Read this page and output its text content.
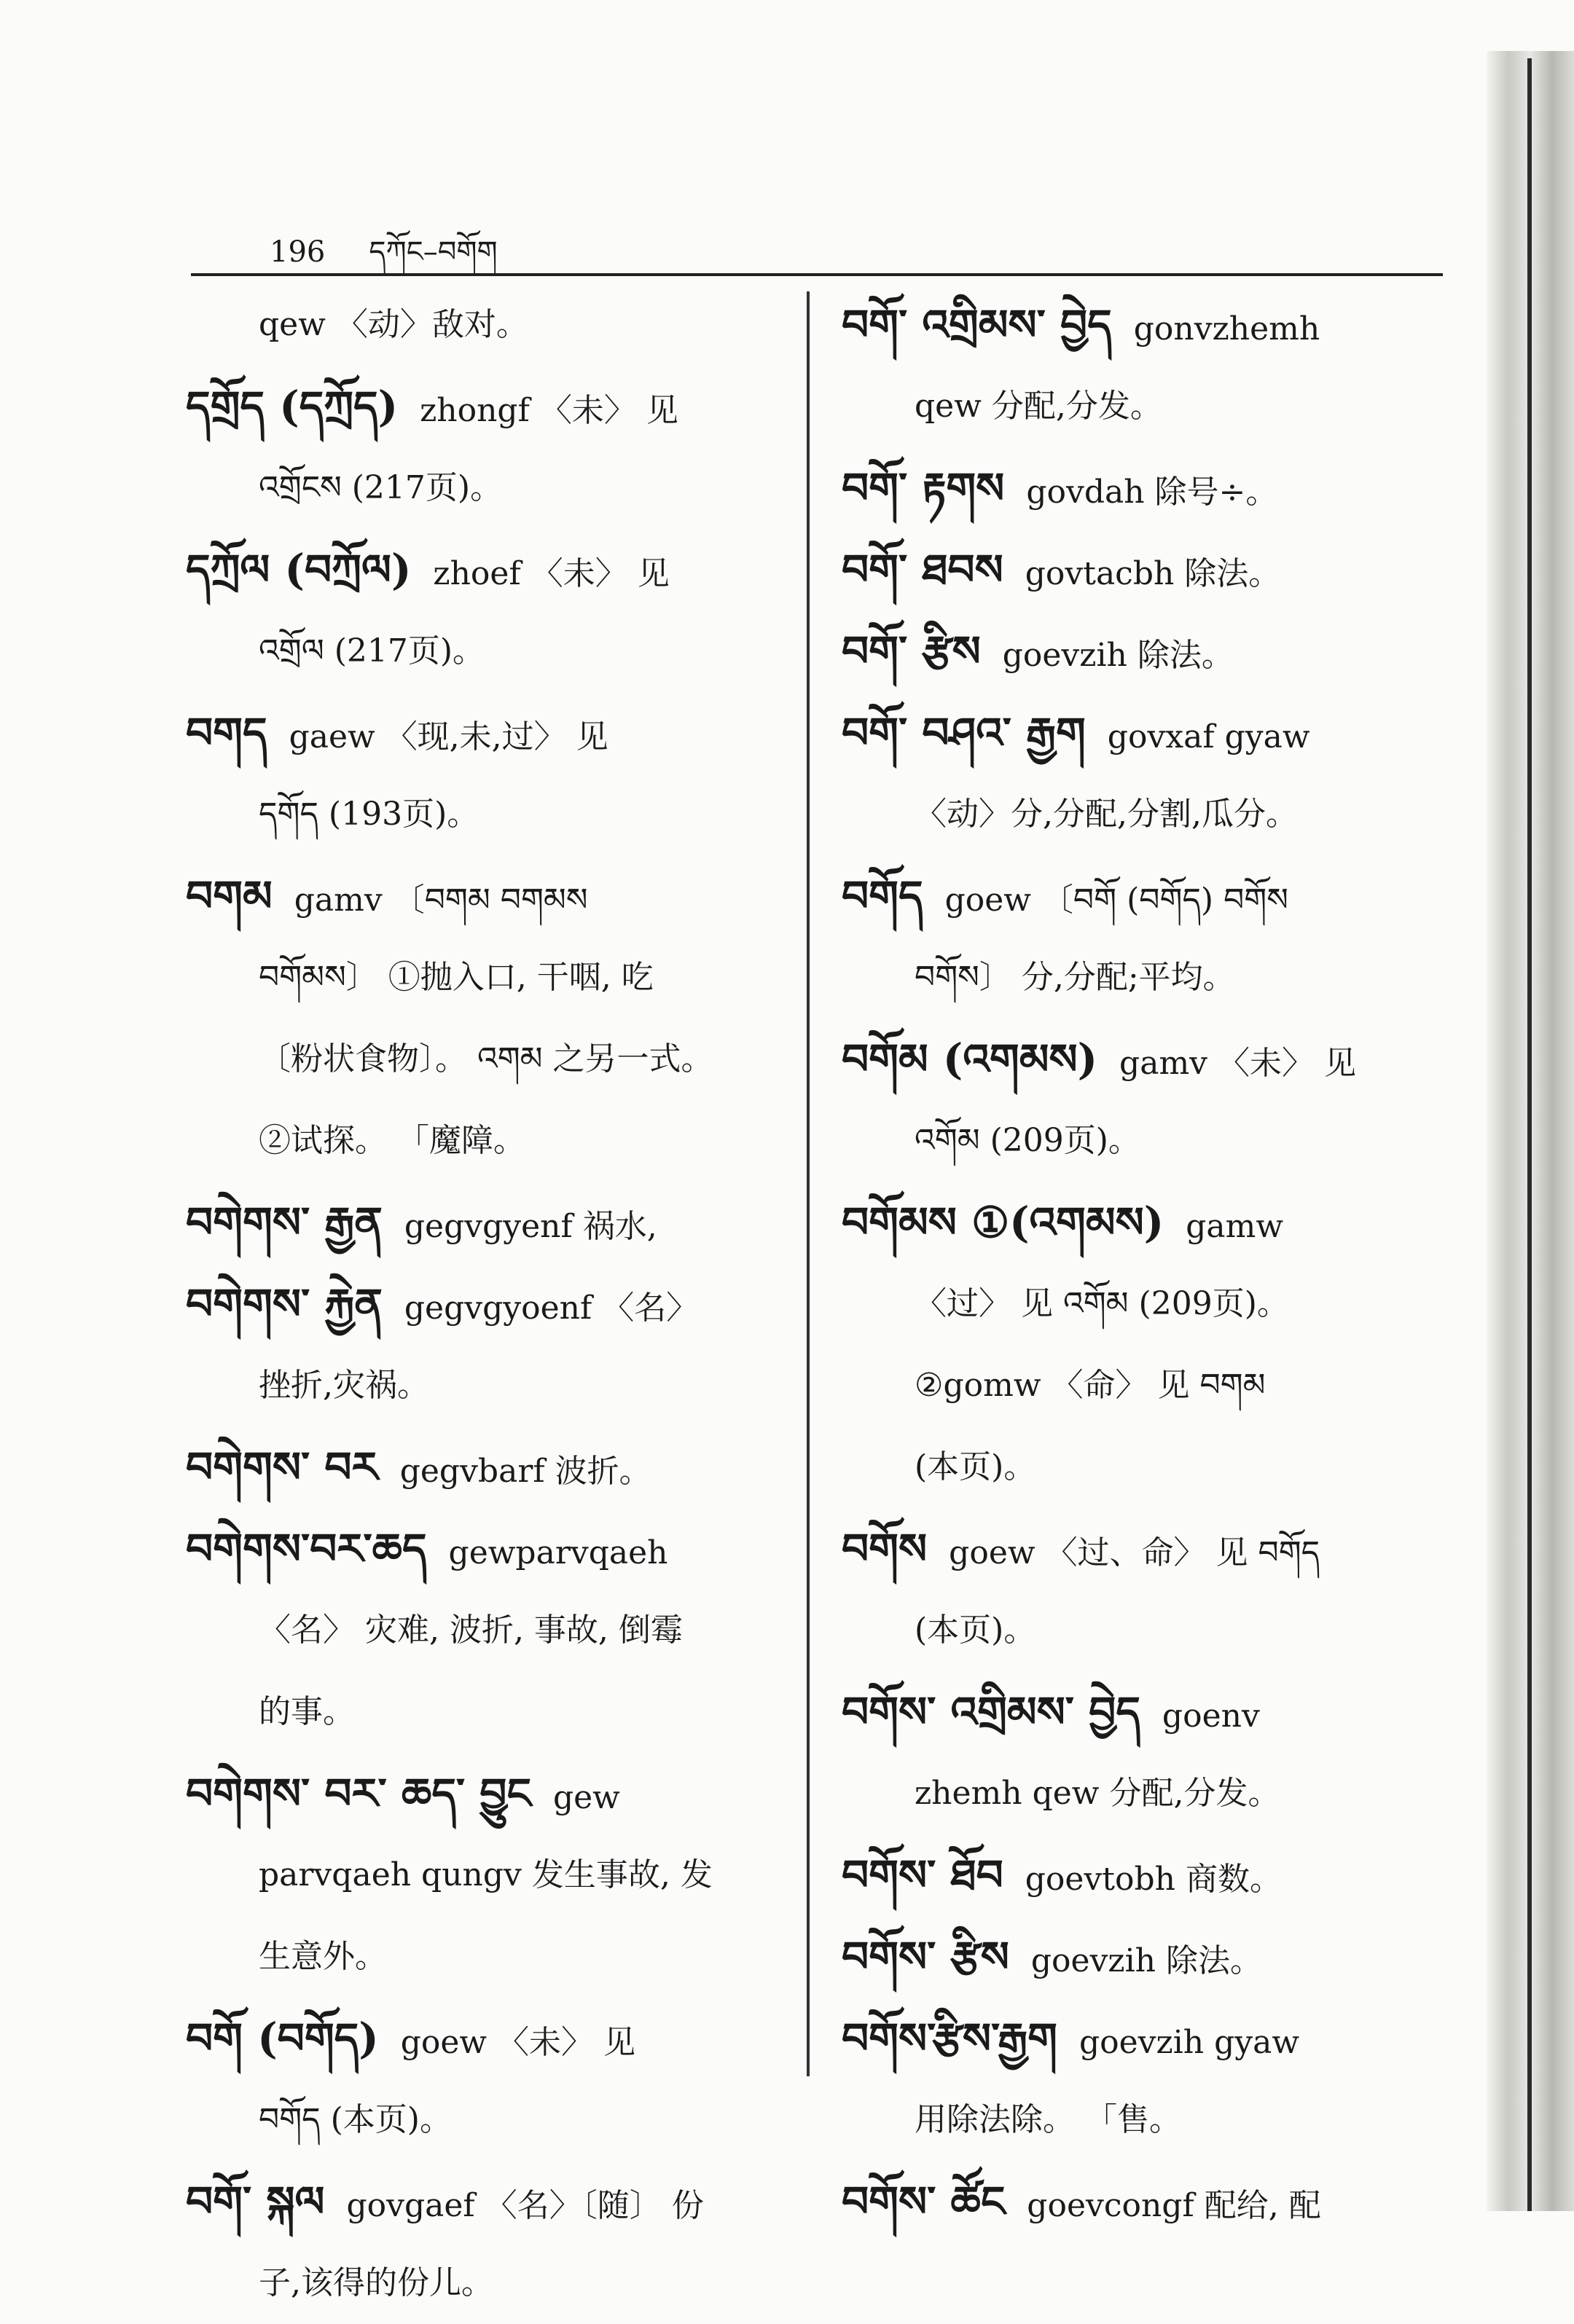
196 དཀོང–བགོག
qew 〈动〉敌对。
དགྲོད (དཀྲོད) zhongf 〈未〉 见
འགྲོངས (217页)。
དཀྲོལ (བཀྲོལ) zhoef 〈未〉 见
འགྲོལ (217页)。
བགད gaew 〈现,未,过〉 见
དགོད (193页)。
བགམ gamv 〔བགམ བགམས
བགོམས〕 ①抛入口, 干咽, 吃
〔粉状食物〕。 འགམ 之另一式。
②试探。 「魔障。
བགེགས་ རྒྱན gegvgyenf 祸水,
བགེགས་ རྐྱེན gegvgyoenf 〈名〉
挫折,灾祸。
བགེགས་ བར gegvbarf 波折。
བགེགས་བར་ཆད gewparvqaeh
〈名〉 灾难, 波折, 事故, 倒霉
的事。
བགེགས་ བར་ ཆད་ བྱུང gew
parvqaeh qungv 发生事故, 发
生意外。
བགོ (བགོད) goew 〈未〉 见
བགོད (本页)。
བགོ་ སྐལ govgaef 〈名〉〔随〕 份
子,该得的份儿。
བགོ་ འགྲིམས་ བྱེད gonvzhemh
qew 分配,分发。
བགོ་ རྟགས govdah 除号÷。
བགོ་ ཐབས govtacbh 除法。
བགོ་ རྩིས goevzih 除法。
བགོ་ བཤའ་ རྒྱག govxaf gyaw
〈动〉分,分配,分割,瓜分。
བགོད goew 〔བགོ (བགོད) བགོས
བགོས〕 分,分配;平均。
བགོམ (འགམས) gamv 〈未〉 见
འགོམ (209页)。
བགོམས ①(འགམས) gamw
〈过〉 见 འགོམ (209页)。
②gomw 〈命〉 见 བགམ
(本页)。
བགོས goew 〈过、命〉 见 བགོད
(本页)。
བགོས་ འགྲིམས་ བྱེད goenv
zhemh qew 分配,分发。
བགོས་ ཐོབ goevtobh 商数。
བགོས་ རྩིས goevzih 除法。
བགོས་རྩིས་རྒྱག goevzih gyaw
用除法除。 「售。
བགོས་ ཚོང goevcongf 配给, 配
